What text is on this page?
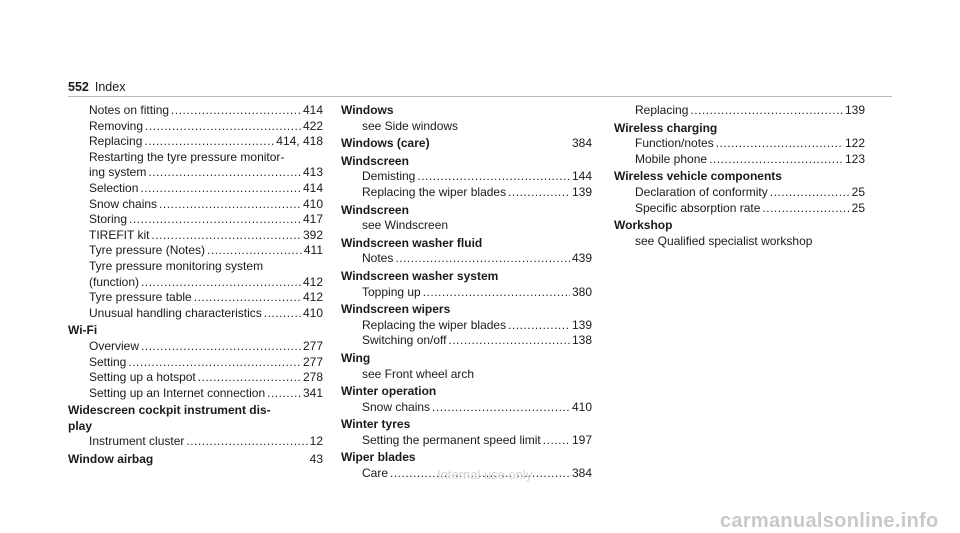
552 Index
Notes on fitting .....	414
Removing .....	422
Replacing .....	414, 418
Restarting the tyre pressure monitor-
ing system .....	413
Selection .....	414
Snow chains .....	410
Storing .....	417
TIREFIT kit .....	392
Tyre pressure (Notes) .....	411
Tyre pressure monitoring system
(function) .....	412
Tyre pressure table .....	412
Unusual handling characteristics .....	410
Wi-Fi
Overview .....	277
Setting .....	277
Setting up a hotspot .....	278
Setting up an Internet connection .....	341
Widescreen cockpit instrument dis-
play
Instrument cluster .....	12
Window airbag	43
Windows
see Side windows
Windows (care)	384
Windscreen
Demisting .....	144
Replacing the wiper blades .....	139
Windscreen
see Windscreen
Windscreen washer fluid
Notes .....	439
Windscreen washer system
Topping up .....	380
Windscreen wipers
Replacing the wiper blades .....	139
Switching on/off .....	138
Wing
see Front wheel arch
Winter operation
Snow chains .....	410
Winter tyres
Setting the permanent speed limit .....	197
Wiper blades
Care .....	384
Replacing .....	139
Wireless charging
Function/notes .....	122
Mobile phone .....	123
Wireless vehicle components
Declaration of conformity .....	25
Specific absorption rate .....	25
Workshop
see Qualified specialist workshop
Internal use only
carmanualsonline.info
